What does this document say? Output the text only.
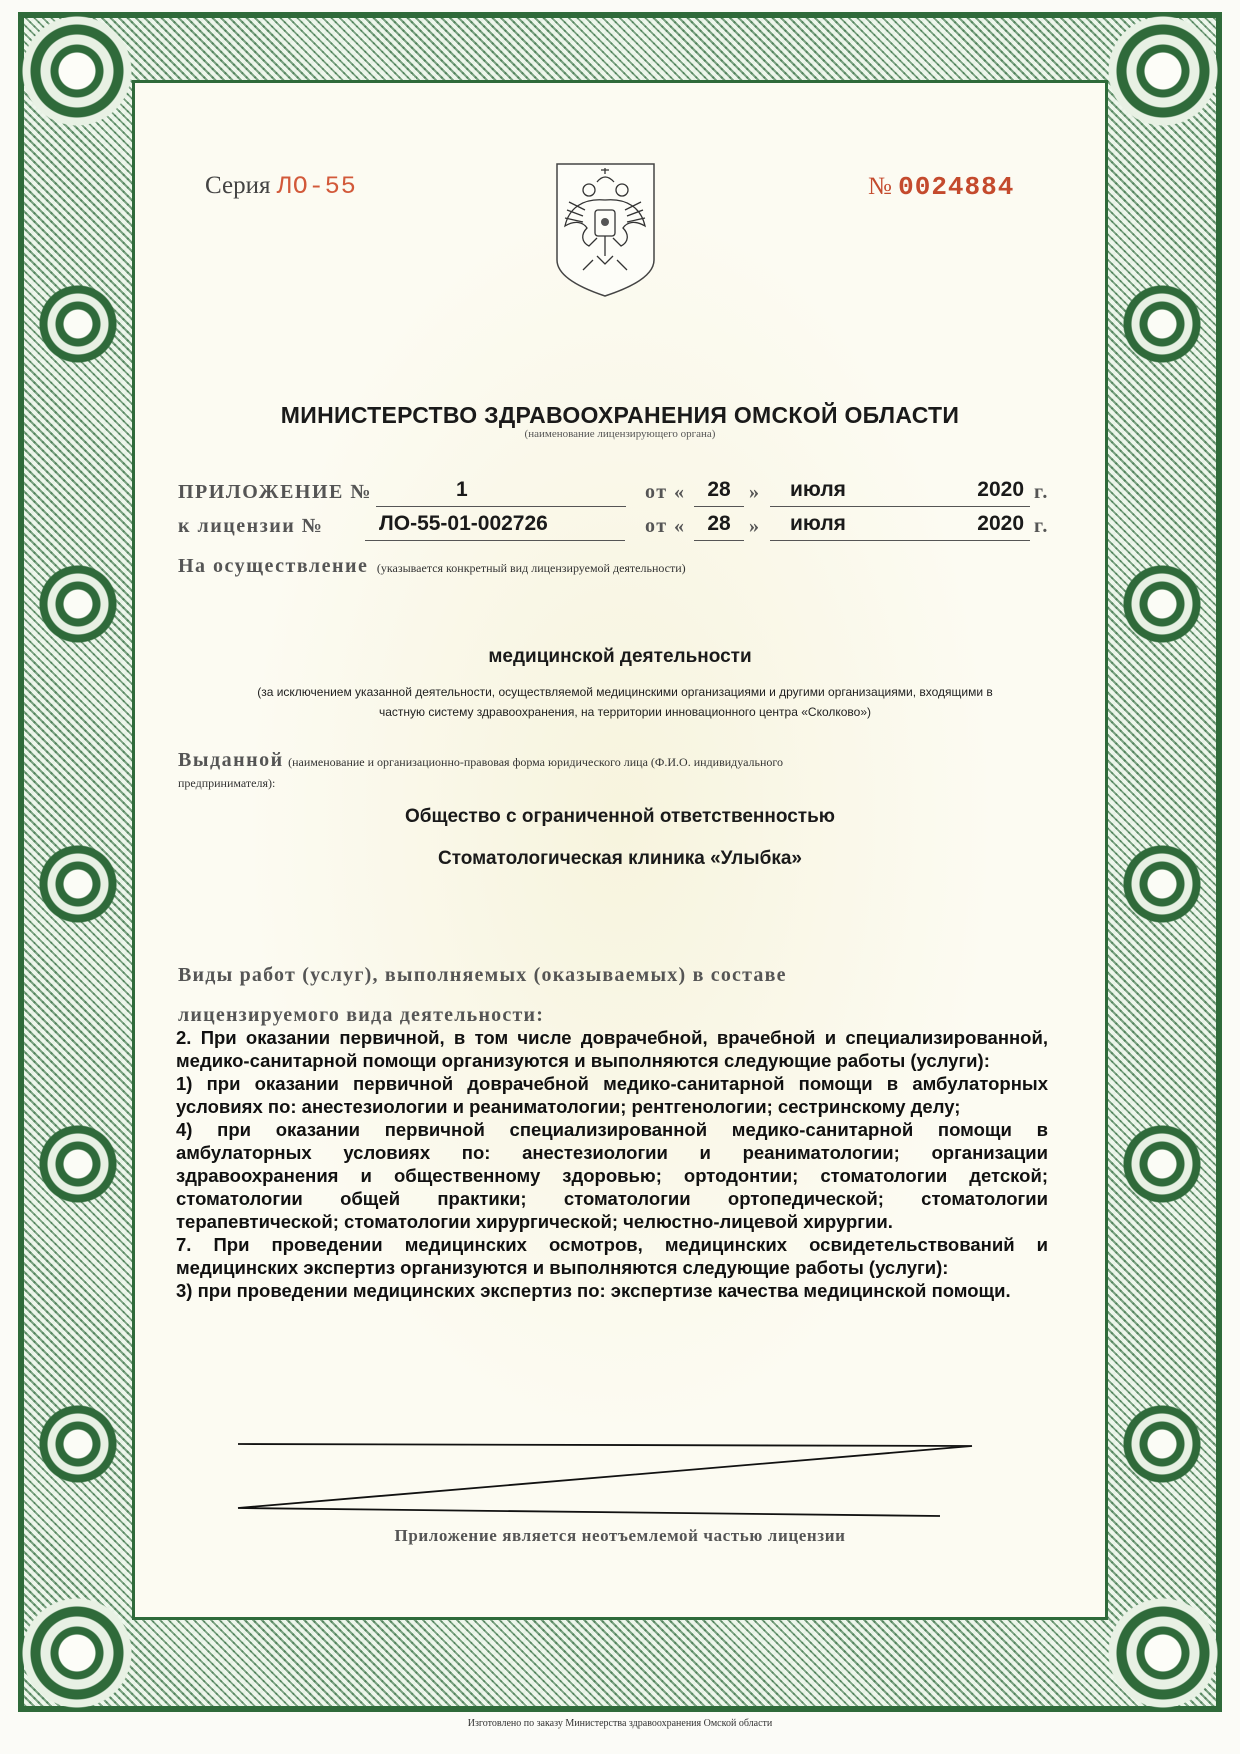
Серия ЛО-55	№ 0024884
МИНИСТЕРСТВО ЗДРАВООХРАНЕНИЯ ОМСКОЙ ОБЛАСТИ
(наименование лицензирующего органа)
ПРИЛОЖЕНИЕ №	1	от «	28 » июля	2020 г.
к лицензии №	ЛО-55-01-002726	от «	28 » июля	2020 г.
На осуществление (указывается конкретный вид лицензируемой деятельности)
медицинской деятельности
(за исключением указанной деятельности, осуществляемой медицинскими организациями и другими организациями, входящими в
частную систему здравоохранения, на территории инновационного центра «Сколково»)
Выданной (наименование и организационно-правовая форма юридического лица (Ф.И.О. индивидуального
предпринимателя):
Общество с ограниченной ответственностью
Стоматологическая клиника «Улыбка»
Виды работ (услуг), выполняемых (оказываемых) в составе
лицензируемого вида деятельности:

2. При оказании первичной, в том числе доврачебной, врачебной и специализированной, медико-санитарной помощи организуются и выполняются следующие работы (услуги):

1) при оказании первичной доврачебной медико-санитарной помощи в амбулаторных условиях по: анестезиологии и реаниматологии; рентгенологии; сестринскому делу;

4) при оказании первичной специализированной медико-санитарной помощи в амбулаторных условиях по: анестезиологии и реаниматологии; организации здравоохранения и общественному здоровью; ортодонтии; стоматологии детской; стоматологии общей практики; стоматологии ортопедической; стоматологии терапевтической; стоматологии хирургической; челюстно-лицевой хирургии.

7. При проведении медицинских осмотров, медицинских освидетельствований и медицинских экспертиз организуются и выполняются следующие работы (услуги):

3) при проведении медицинских экспертиз по: экспертизе качества медицинской помощи.

Приложение является неотъемлемой частью лицензии
Изготовлено по заказу Министерства здравоохранения Омской области
